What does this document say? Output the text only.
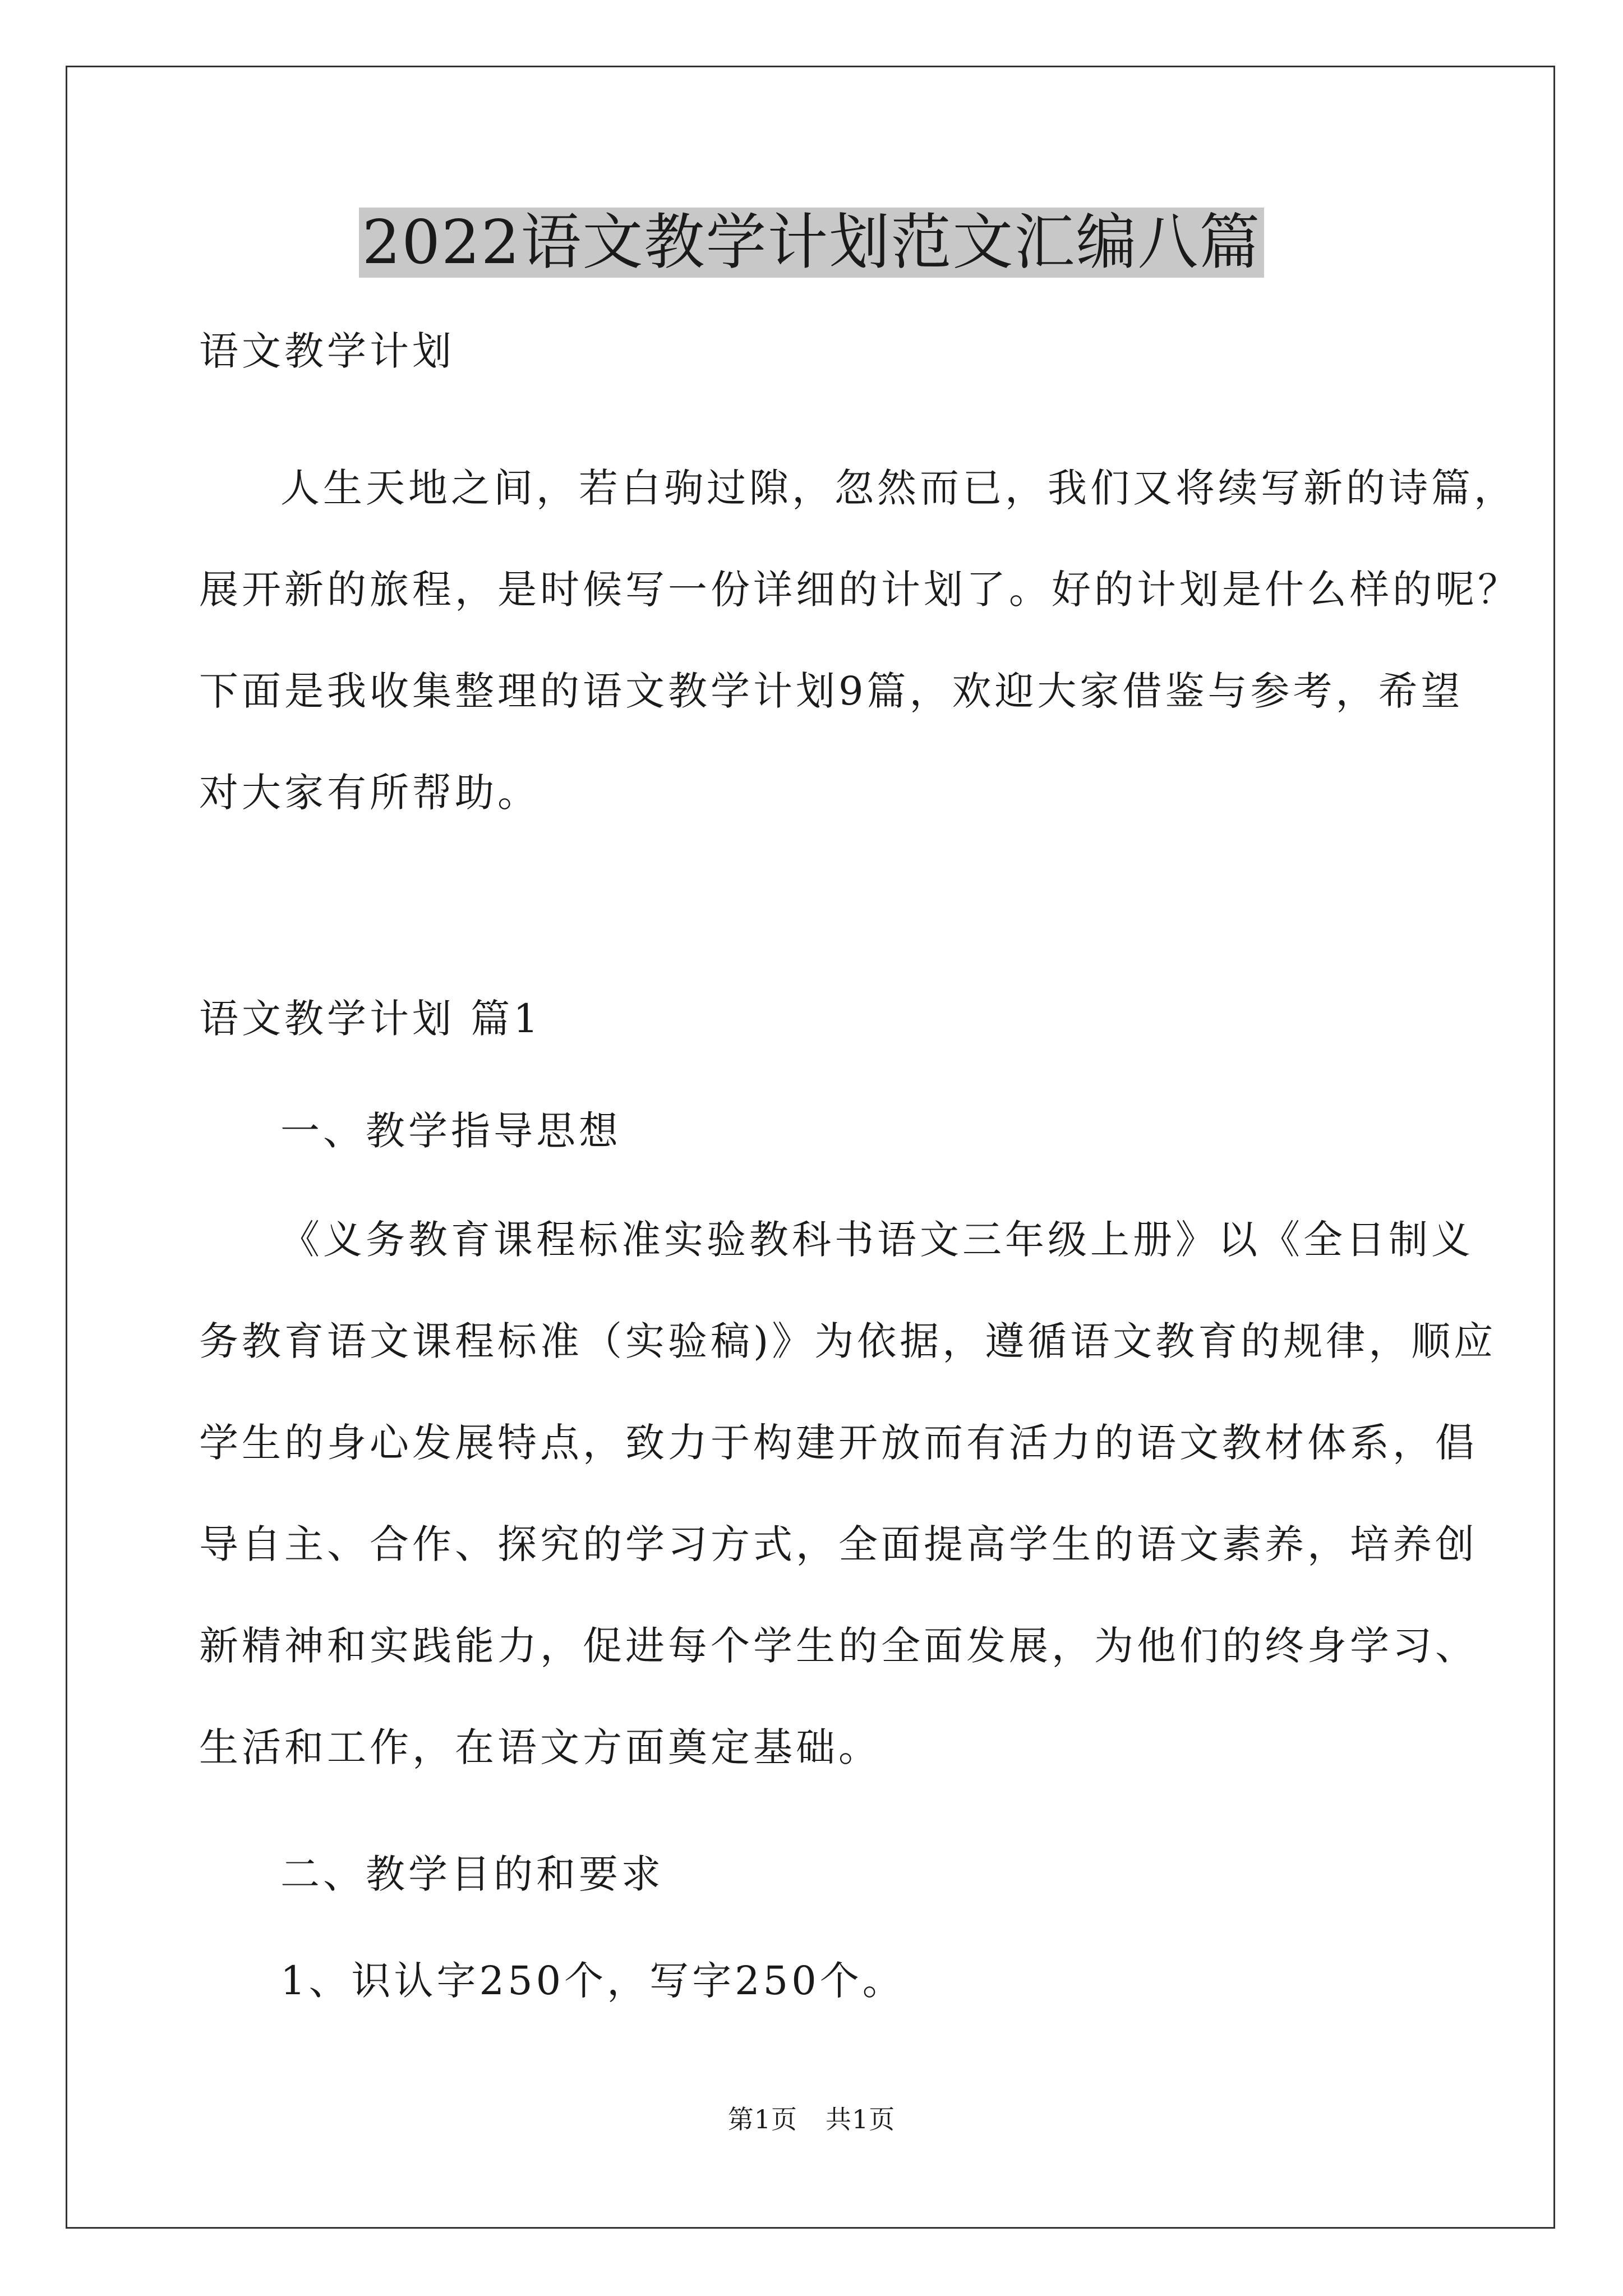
2022语文教学计划范文汇编八篇
语文教学计划
人生天地之间，若白驹过隙，忽然而已，我们又将续写新的诗篇，
展开新的旅程，是时候写一份详细的计划了。好的计划是什么样的呢？
下面是我收集整理的语文教学计划9篇，欢迎大家借鉴与参考，希望
对大家有所帮助。
语文教学计划 篇1
一、教学指导思想
《义务教育课程标准实验教科书语文三年级上册》以《全日制义
务教育语文课程标准（实验稿)》为依据，遵循语文教育的规律，顺应
学生的身心发展特点，致力于构建开放而有活力的语文教材体系，倡
导自主、合作、探究的学习方式，全面提高学生的语文素养，培养创
新精神和实践能力，促进每个学生的全面发展，为他们的终身学习、
生活和工作，在语文方面奠定基础。
二、教学目的和要求
1、识认字250个，写字250个。
第1页 共1页
